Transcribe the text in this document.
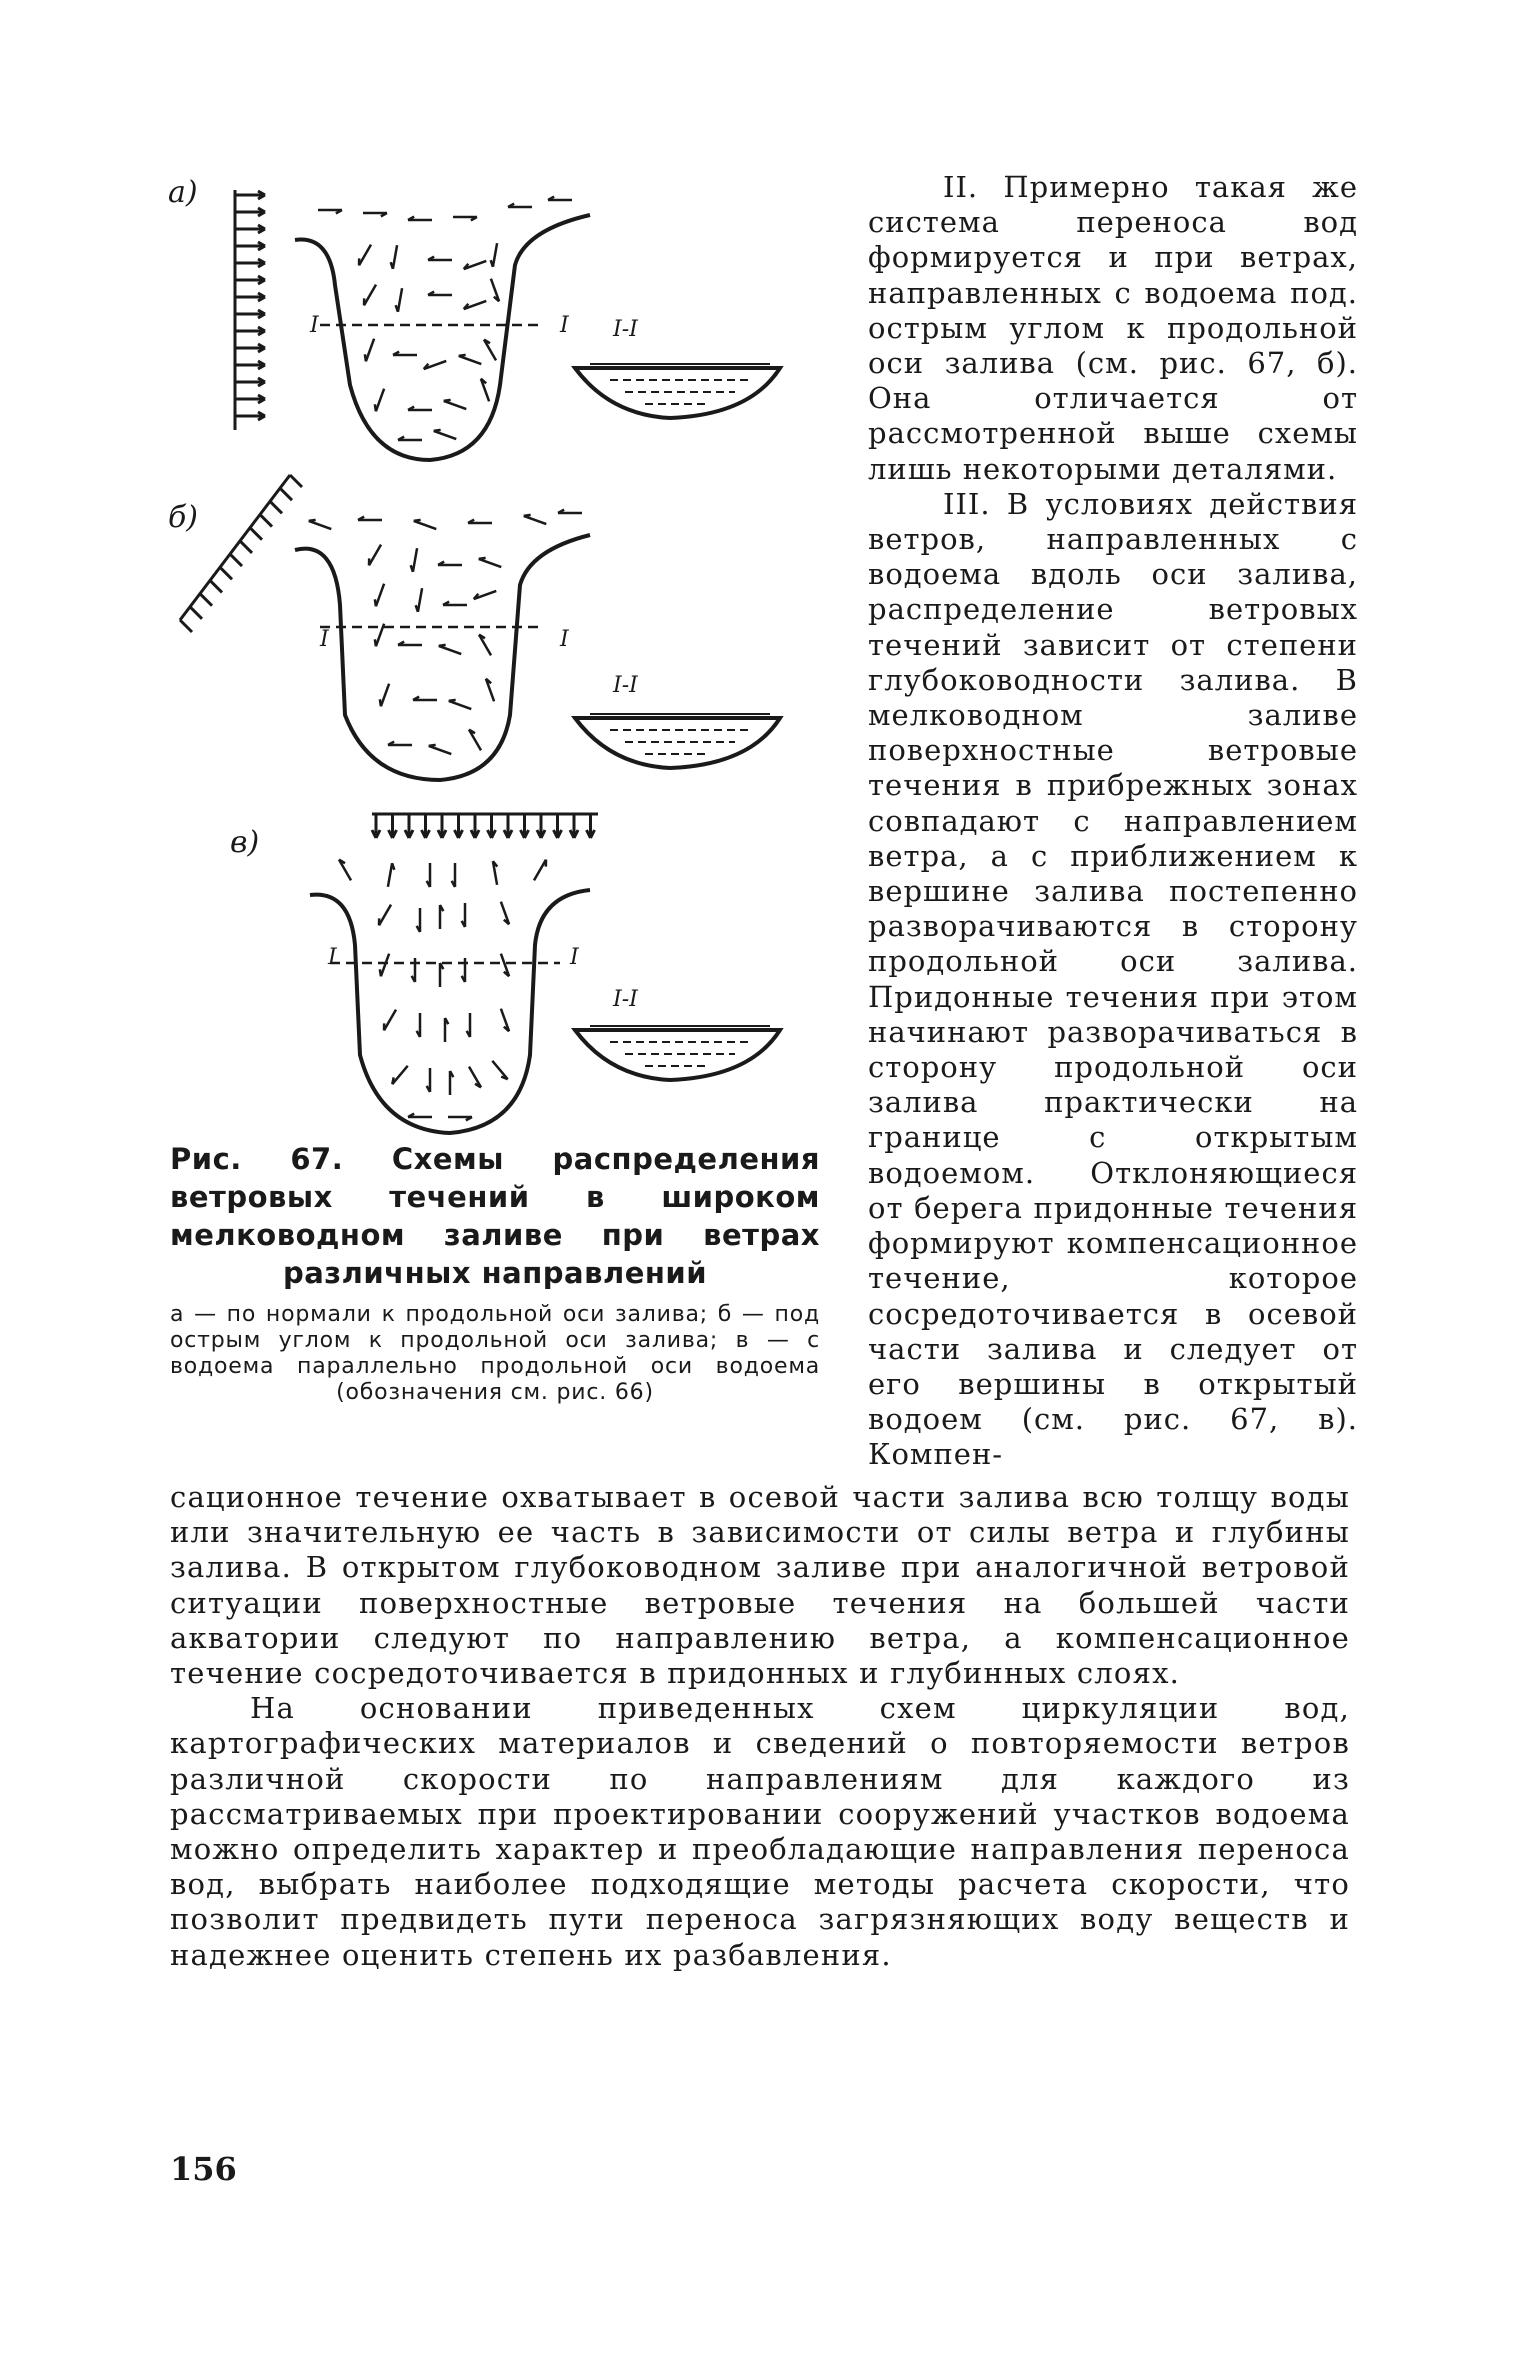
а)
I	I I-I
б)
I	I
I-I
в)
I	I
I-I
Рис. 67. Схемы распределения ветровых течений в широком мелководном заливе при ветрах различных направлений
а — по нормали к продольной оси залива; б — под острым углом к продольной оси залива; в — с водоема параллельно продольной оси водоема (обозначения см. рис. 66)

II. Примерно такая же система переноса вод формируется и при ветрах, направленных с водоема под. острым углом к продольной оси залива (см. рис. 67, б). Она отличается от рассмотренной выше схемы лишь некоторыми деталями.

III. В условиях действия ветров, направленных с водоема вдоль оси залива, распределение ветровых течений зависит от степени глубоководности залива. В мелководном заливе поверхностные ветровые течения в прибрежных зонах совпадают с направлением ветра, а с приближением к вершине залива постепенно разворачиваются в сторону продольной оси залива. Придонные течения при этом начинают разворачиваться в сторону продольной оси залива практически на границе с открытым водоемом. Отклоняющиеся от берега придонные течения формируют компенсационное течение, которое сосредоточивается в осевой части залива и следует от его вершины в открытый водоем (см. рис. 67, в). Компен-

сационное течение охватывает в осевой части залива всю толщу воды или значительную ее часть в зависимости от силы ветра и глубины залива. В открытом глубоководном заливе при аналогичной ветровой ситуации поверхностные ветровые течения на большей части акватории следуют по направлению ветра, а компенсационное течение сосредоточивается в придонных и глубинных слоях.

На основании приведенных схем циркуляции вод, картографических материалов и сведений о повторяемости ветров различной скорости по направлениям для каждого из рассматриваемых при проектировании сооружений участков водоема можно определить характер и преобладающие направления переноса вод, выбрать наиболее подходящие методы расчета скорости, что позволит предвидеть пути переноса загрязняющих воду веществ и надежнее оценить степень их разбавления.

156
